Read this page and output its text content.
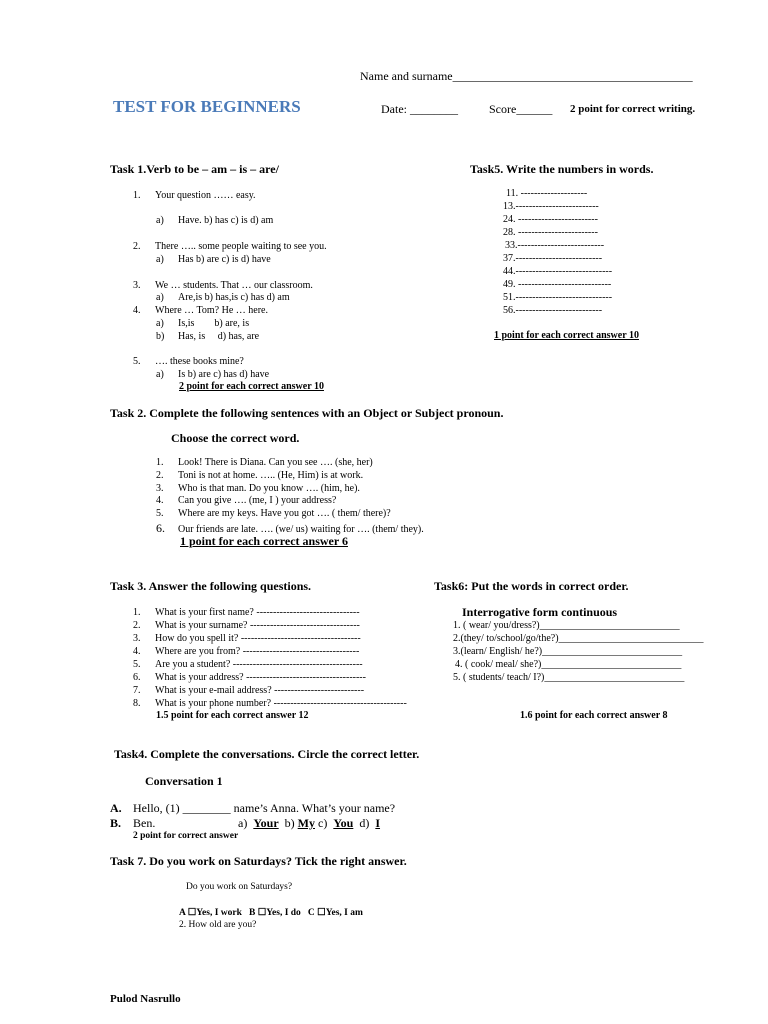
Name and surname________________________________________
TEST FOR BEGINNERS	Date: ________	Score______ 2 point for correct writing.
Task 1.Verb to be – am – is – are/
1. Your question …… easy.
a) Have. b) has c) is d) am
2. There ….. some people waiting to see you.
a) Has b) are c) is d) have
3. We … students. That … our classroom.
a) Are,is b) has,is c) has d) am
4. Where … Tom? He … here.
a) Is,is        b) are, is
b) Has, is     d) has, are
5. …. these books mine?
a) Is b) are c) has d) have
2 point for each correct answer 10
Task5. Write the numbers in words.
11. --------------------
13.-------------------------
24. ------------------------
28. ------------------------
33.--------------------------
37.--------------------------
44.-----------------------------
49. ----------------------------
51.-----------------------------
56.--------------------------
1 point for each correct answer 10
Task 2. Complete the following sentences with an Object or Subject pronoun.
Choose the correct word.
1. Look! There is Diana. Can you see …. (she, her)
2. Toni is not at home. ….. (He, Him) is at work.
3. Who is that man. Do you know …. (him, he).
4. Can you give …. (me, I ) your address?
5. Where are my keys. Have you got …. ( them/ there)?
6. Our friends are late. …. (we/ us) waiting for …. (them/ they).
1 point for each correct answer 6
Task 3. Answer the following questions.
1. What is your first name? -------------------------------
2. What is your surname? ---------------------------------
3. How do you spell it? ------------------------------------
4. Where are you from? -----------------------------------
5. Are you a student? ---------------------------------------
6. What is your address? ------------------------------------
7. What is your e-mail address? ---------------------------
8. What is your phone number? ----------------------------------------
1.5 point for each correct answer 12
Task6: Put the words in correct order.
Interrogative form continuous
1. ( wear/ you/dress?)____________________________
2.(they/ to/school/go/the?)_____________________________
3.(learn/ English/ he?)____________________________
4. ( cook/ meal/ she?)____________________________
5. ( students/ teach/ I?)____________________________
1.6 point for each correct answer 8
Task4. Complete the conversations. Circle the correct letter.
Conversation 1
A. Hello, (1) ________ name’s Anna. What’s your name?
B. Ben.	a) Your b) My c) You d) I
2 point for correct answer
Task 7. Do you work on Saturdays? Tick the right answer.
Do you work on Saturdays?
A ☐Yes, I work   B ☐Yes, I do   C ☐Yes, I am
2. How old are you?
Pulod Nasrullo
